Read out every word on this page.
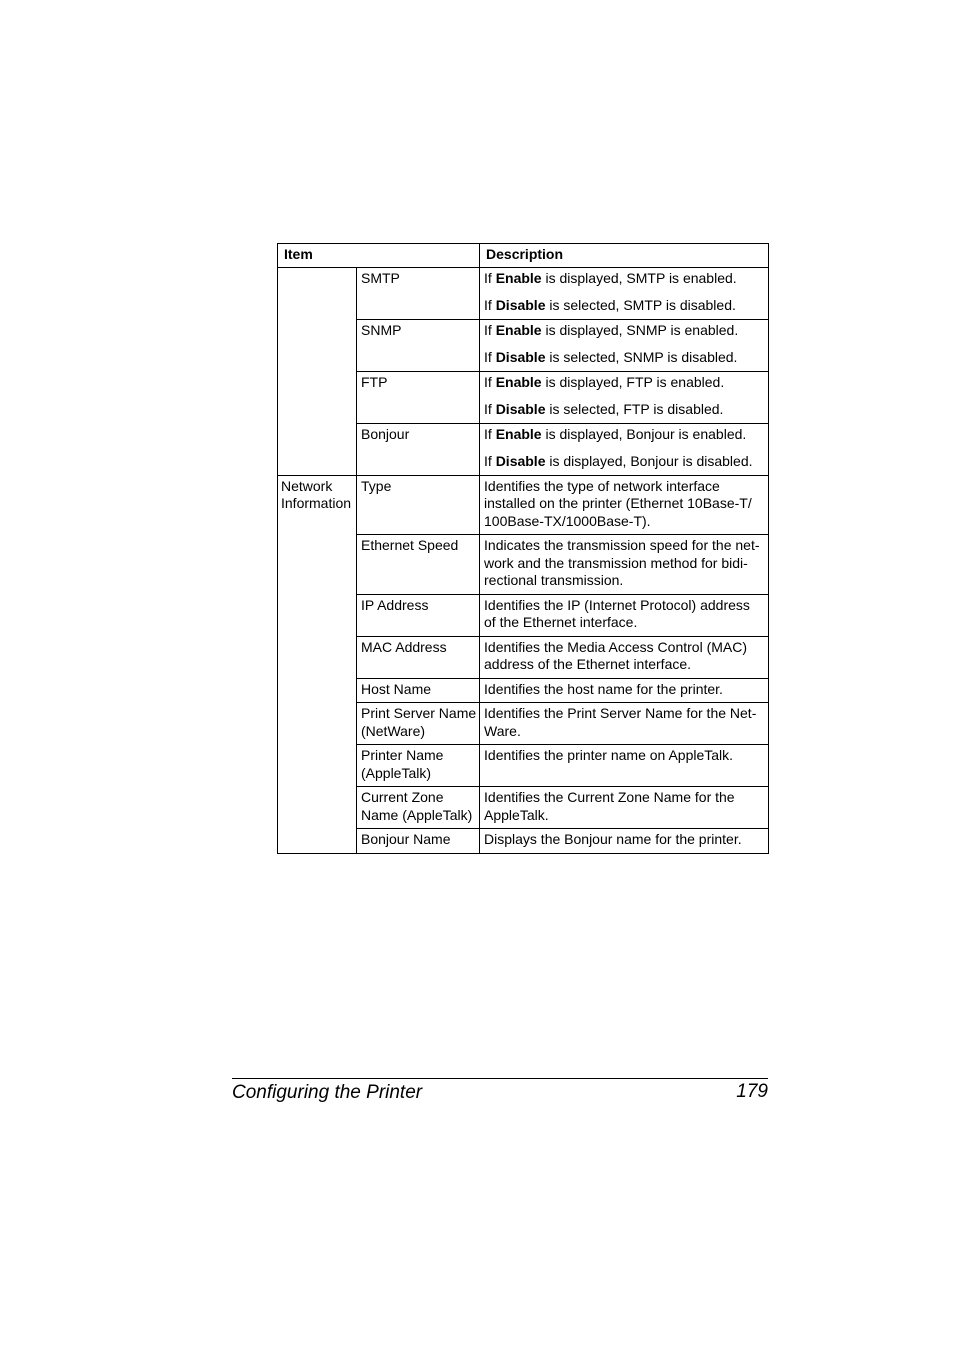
Item		Description
	SMTP	If Enable is displayed, SMTP is enabled.
If Disable is selected, SMTP is disabled.

	SNMP	If Enable is displayed, SNMP is enabled.
If Disable is selected, SNMP is disabled.

	FTP	If Enable is displayed, FTP is enabled.
If Disable is selected, FTP is disabled.

	Bonjour	If Enable is displayed, Bonjour is enabled.
If Disable is displayed, Bonjour is disabled.

Network
Information	Type	Identifies the type of network interface
installed on the printer (Ethernet 10Base-T/
100Base-TX/1000Base-T).

	Ethernet Speed	Indicates the transmission speed for the net-
work and the transmission method for bidi-
rectional transmission.

	IP Address	Identifies the IP (Internet Protocol) address
of the Ethernet interface.

	MAC Address	Identifies the Media Access Control (MAC)
address of the Ethernet interface.

	Host Name	Identifies the host name for the printer.

	Print Server Name
(NetWare)	Identifies the Print Server Name for the Net-
Ware.

	Printer Name
(AppleTalk)	Identifies the printer name on AppleTalk.

	Current Zone
Name (AppleTalk)	Identifies the Current Zone Name for the
AppleTalk.

	Bonjour Name	Displays the Bonjour name for the printer.
Configuring the Printer	179
